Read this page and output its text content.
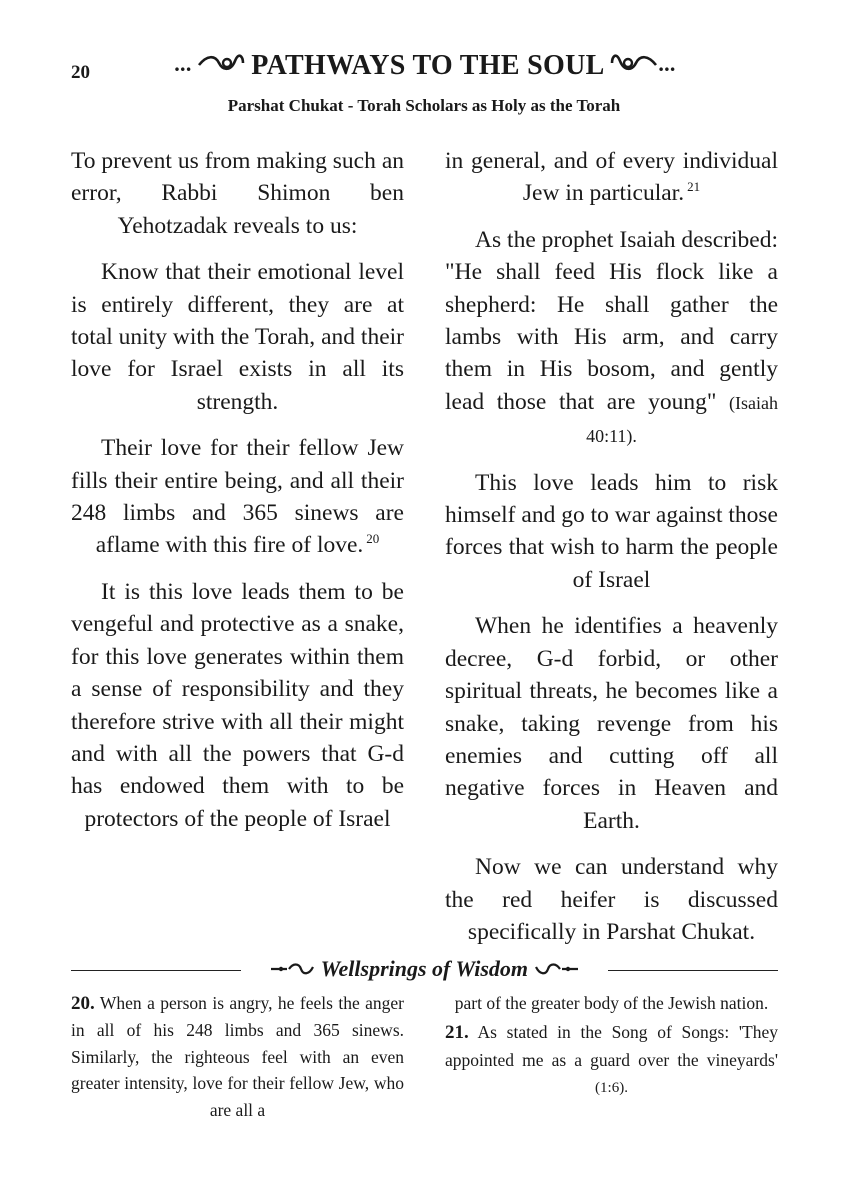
20	... PATHWAYS TO THE SOUL	...
Parshat Chukat - Torah Scholars as Holy as the Torah

To prevent us from making such an error, Rabbi Shimon ben Yehotzadak reveals to us:

Know that their emotional level is entirely different, they are at total unity with the Torah, and their love for Israel exists in all its strength.

Their love for their fellow Jew fills their entire being, and all their 248 limbs and 365 sinews are aflame with this fire of love. $^{20}$

It is this love leads them to be vengeful and protective as a snake, for this love generates within them a sense of responsibility and they therefore strive with all their might and with all the powers that G-d has endowed them with to be protectors of the people of Israel

in general, and of every individual Jew in particular. $^{21}$

As the prophet Isaiah described: "He shall feed His flock like a shepherd: He shall gather the lambs with His arm, and carry them in His bosom, and gently lead those that are young" (Isaiah 40:11).

This love leads him to risk himself and go to war against those forces that wish to harm the people of Israel

When he identifies a heavenly decree, G-d forbid, or other spiritual threats, he becomes like a snake, taking revenge from his enemies and cutting off all negative forces in Heaven and Earth.

Now we can understand why the red heifer is discussed specifically in Parshat Chukat.

Wellsprings of Wisdom

20. When a person is angry, he feels the anger in all of his 248 limbs and 365 sinews. Similarly, the righteous feel with an even greater intensity, love for their fellow Jew, who are all a

part of the greater body of the Jewish nation.

21. As stated in the Song of Songs: 'They appointed me as a guard over the vineyards' (1:6).
